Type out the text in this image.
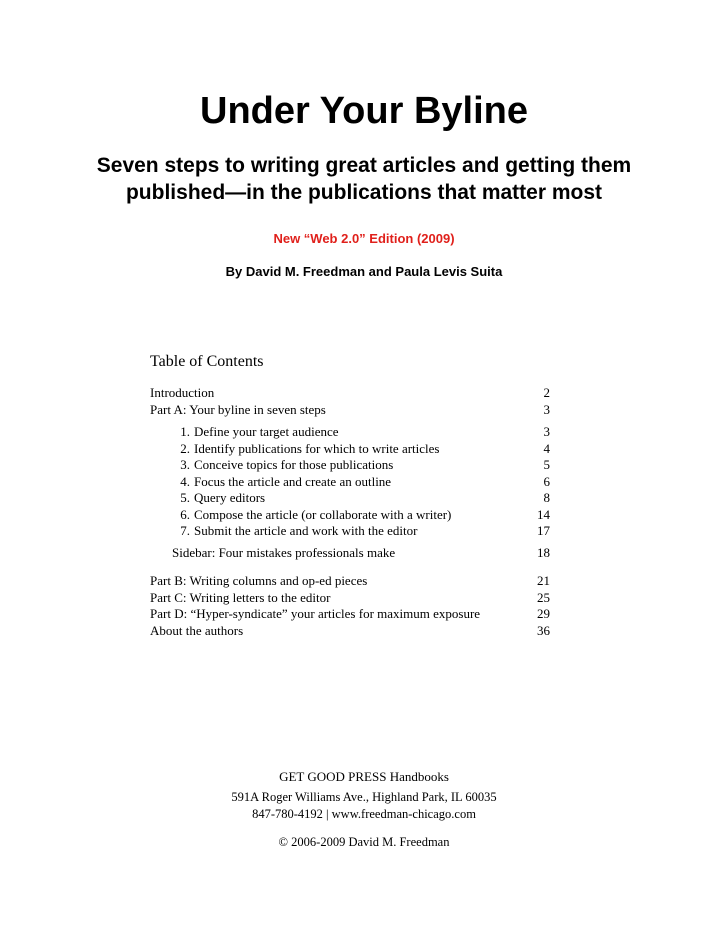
Under Your Byline
Seven steps to writing great articles and getting them
published—in the publications that matter most
New “Web 2.0” Edition (2009)
By David M. Freedman and Paula Levis Suita
Table of Contents
Introduction	2
Part A: Your byline in seven steps	3
1. Define your target audience	3
2. Identify publications for which to write articles	4
3. Conceive topics for those publications	5
4. Focus the article and create an outline	6
5. Query editors	8
6. Compose the article (or collaborate with a writer)	14
7. Submit the article and work with the editor	17
Sidebar: Four mistakes professionals make	18
Part B: Writing columns and op-ed pieces	21
Part C: Writing letters to the editor	25
Part D: “Hyper-syndicate” your articles for maximum exposure	29
About the authors	36
GET GOOD PRESS Handbooks
591A Roger Williams Ave., Highland Park, IL 60035
847-780-4192 | www.freedman-chicago.com
© 2006-2009 David M. Freedman
